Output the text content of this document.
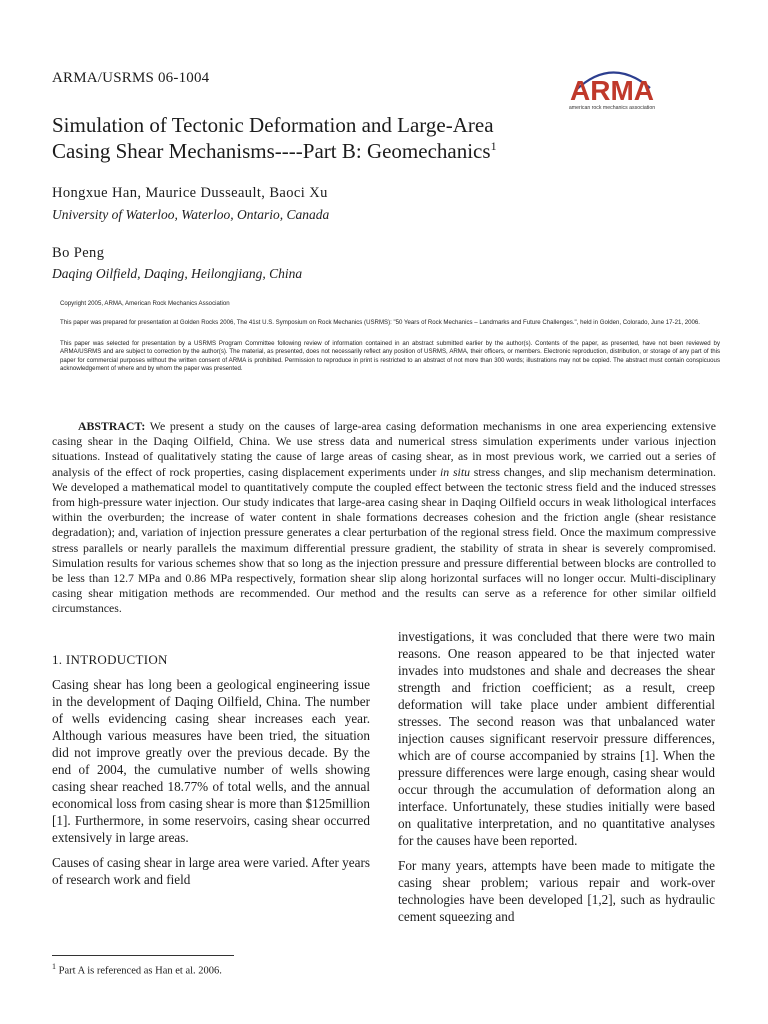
ARMA/USRMS 06-1004	ARMA
american rock mechanics association
Simulation of Tectonic Deformation and Large-Area
Casing Shear Mechanisms----Part B: Geomechanics$^1$
Hongxue Han, Maurice Dusseault, Baoci Xu
University of Waterloo, Waterloo, Ontario, Canada
Bo Peng
Daqing Oilfield, Daqing, Heilongjiang, China
Copyright 2005, ARMA, American Rock Mechanics Association
This paper was prepared for presentation at Golden Rocks 2006, The 41st U.S. Symposium on Rock Mechanics (USRMS): "50 Years of Rock Mechanics – Landmarks and Future Challenges.", held in Golden, Colorado, June 17-21, 2006.
This paper was selected for presentation by a USRMS Program Committee following review of information contained in an abstract submitted earlier by the author(s). Contents of the paper, as presented, have not been reviewed by ARMA/USRMS and are subject to correction by the author(s). The material, as presented, does not necessarily reflect any position of USRMS, ARMA, their officers, or members. Electronic reproduction, distribution, or storage of any part of this paper for commercial purposes without the written consent of ARMA is prohibited. Permission to reproduce in print is restricted to an abstract of not more than 300 words; illustrations may not be copied. The abstract must contain conspicuous acknowledgement of where and by whom the paper was presented.
ABSTRACT: We present a study on the causes of large-area casing deformation mechanisms in one area experiencing extensive casing shear in the Daqing Oilfield, China. We use stress data and numerical stress simulation experiments under various injection situations. Instead of qualitatively stating the cause of large areas of casing shear, as in most previous work, we carried out a series of analysis of the effect of rock properties, casing displacement experiments under in situ stress changes, and slip mechanism determination. We developed a mathematical model to quantitatively compute the coupled effect between the tectonic stress field and the induced stresses from high-pressure water injection. Our study indicates that large-area casing shear in Daqing Oilfield occurs in weak lithological interfaces within the overburden; the increase of water content in shale formations decreases cohesion and the friction angle (shear resistance degradation); and, variation of injection pressure generates a clear perturbation of the regional stress field. Once the maximum compressive stress parallels or nearly parallels the maximum differential pressure gradient, the stability of strata in shear is severely compromised. Simulation results for various schemes show that so long as the injection pressure and pressure differential between blocks are controlled to be less than 12.7 MPa and 0.86 MPa respectively, formation shear slip along horizontal surfaces will no longer occur. Multi-disciplinary casing shear mitigation methods are recommended. Our method and the results can serve as a reference for other similar oilfield circumstances.
1. INTRODUCTION

Casing shear has long been a geological engineering issue in the development of Daqing Oilfield, China. The number of wells evidencing casing shear increases each year. Although various measures have been tried, the situation did not improve greatly over the previous decade. By the end of 2004, the cumulative number of wells showing casing shear reached 18.77% of total wells, and the annual economical loss from casing shear is more than $125million [1]. Furthermore, in some reservoirs, casing shear occurred extensively in large areas.

Causes of casing shear in large area were varied. After years of research work and field

investigations, it was concluded that there were two main reasons. One reason appeared to be that injected water invades into mudstones and shale and decreases the shear strength and friction coefficient; as a result, creep deformation will take place under ambient differential stresses. The second reason was that unbalanced water injection causes significant reservoir pressure differences, which are of course accompanied by strains [1]. When the pressure differences were large enough, casing shear would occur through the accumulation of deformation along an interface. Unfortunately, these studies initially were based on qualitative interpretation, and no quantitative analyses for the causes have been reported.

For many years, attempts have been made to mitigate the casing shear problem; various repair and work-over technologies have been developed [1,2], such as hydraulic cement squeezing and

$^1$ Part A is referenced as Han et al. 2006.
